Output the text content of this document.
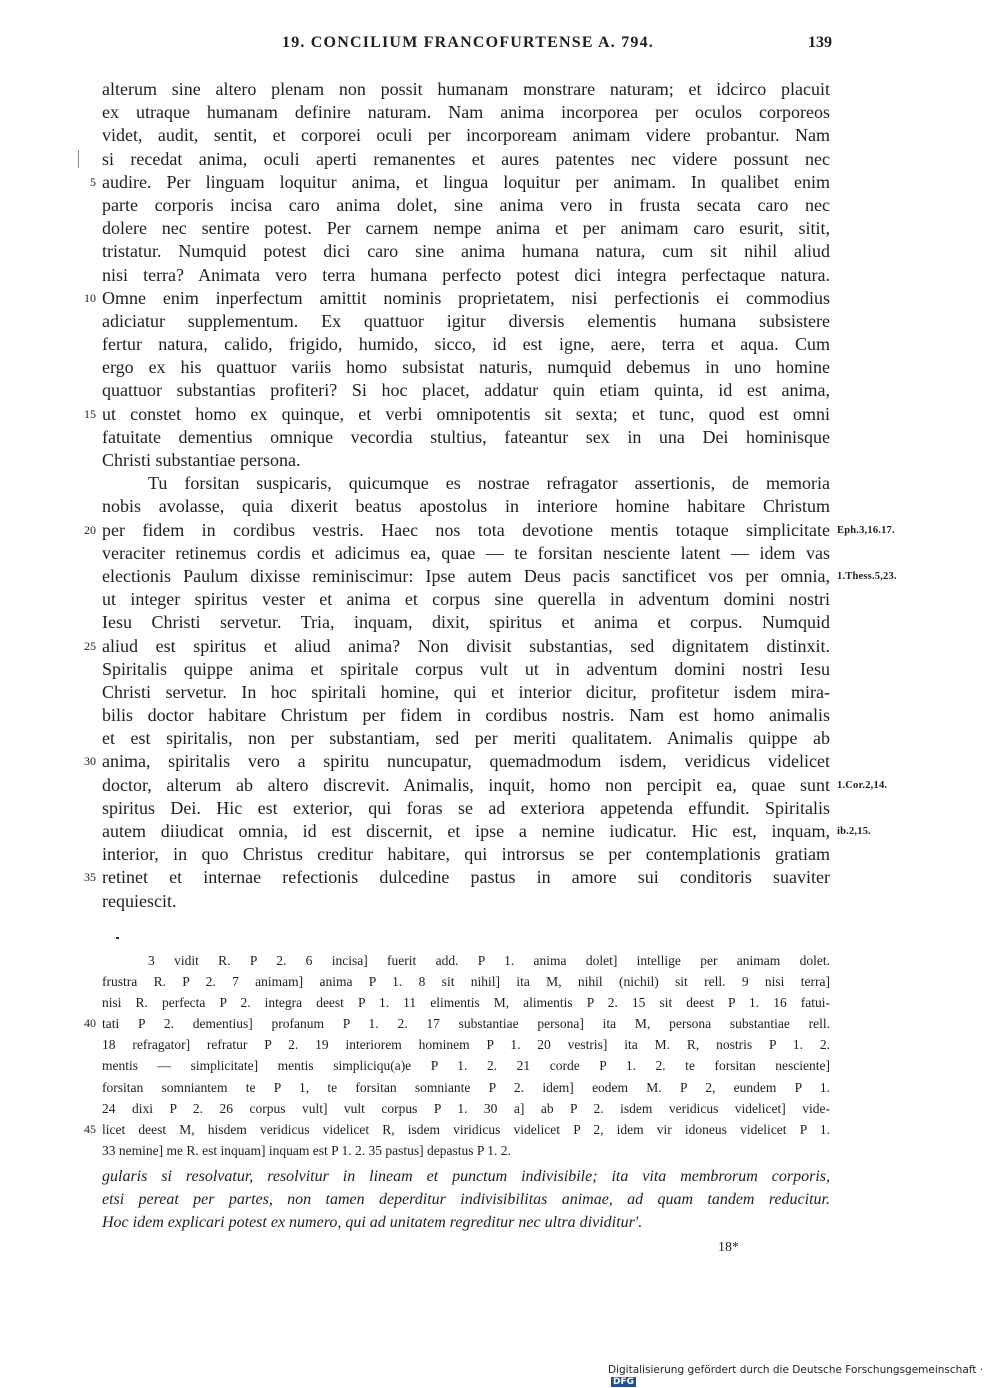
19. CONCILIUM FRANCOFURTENSE A. 794.	139
alterum sine altero plenam non possit humanam monstrare naturam; et idcirco placuit
ex utraque humanam definire naturam. Nam anima incorporea per oculos corporeos
videt, audit, sentit, et corporei oculi per incorpoream animam videre probantur. Nam
si recedat anima, oculi aperti remanentes et aures patentes nec videre possunt nec
5 audire. Per linguam loquitur anima, et lingua loquitur per animam. In qualibet enim
parte corporis incisa caro anima dolet, sine anima vero in frusta secata caro nec
dolere nec sentire potest. Per carnem nempe anima et per animam caro esurit, sitit,
tristatur. Numquid potest dici caro sine anima humana natura, cum sit nihil aliud
nisi terra? Animata vero terra humana perfecto potest dici integra perfectaque natura.
10 Omne enim inperfectum amittit nominis proprietatem, nisi perfectionis ei commodius
adiciatur supplementum. Ex quattuor igitur diversis elementis humana subsistere
fertur natura, calido, frigido, humido, sicco, id est igne, aere, terra et aqua. Cum
ergo ex his quattuor variis homo subsistat naturis, numquid debemus in uno homine
quattuor substantias profiteri? Si hoc placet, addatur quin etiam quinta, id est anima,
15 ut constet homo ex quinque, et verbi omnipotentis sit sexta; et tunc, quod est omni
fatuitate dementius omnique vecordia stultius, fateantur sex in una Dei hominisque
Christi substantiae persona.
Tu forsitan suspicaris, quicumque es nostrae refragator assertionis, de memoria
nobis avolasse, quia dixerit beatus apostolus in interiore homine habitare Christum
20 per fidem in cordibus vestris. Haec nos tota devotione mentis totaque simplicitate Eph.3,16.17.
veraciter retinemus cordis et adicimus ea, quae — te forsitan nesciente latent — idem vas
electionis Paulum dixisse reminiscimur: Ipse autem Deus pacis sanctificet vos per omnia, 1.Thess.5,23.
ut integer spiritus vester et anima et corpus sine querella in adventum domini nostri
Iesu Christi servetur. Tria, inquam, dixit, spiritus et anima et corpus. Numquid
25 aliud est spiritus et aliud anima? Non divisit substantias, sed dignitatem distinxit.
Spiritalis quippe anima et spiritale corpus vult ut in adventum domini nostri Iesu
Christi servetur. In hoc spiritali homine, qui et interior dicitur, profitetur isdem mira-
bilis doctor habitare Christum per fidem in cordibus nostris. Nam est homo animalis
et est spiritalis, non per substantiam, sed per meriti qualitatem. Animalis quippe ab
30 anima, spiritalis vero a spiritu nuncupatur, quemadmodum isdem, veridicus videlicet
doctor, alterum ab altero discrevit. Animalis, inquit, homo non percipit ea, quae sunt 1.Cor.2,14.
spiritus Dei. Hic est exterior, qui foras se ad exteriora appetenda effundit. Spiritalis
autem diiudicat omnia, id est discernit, et ipse a nemine iudicatur. Hic est, inquam, ib.2,15.
interior, in quo Christus creditur habitare, qui introrsus se per contemplationis gratiam
35 retinet et internae refectionis dulcedine pastus in amore sui conditoris suaviter
requiescit.
3 vidit R. P 2. 6 incisa] fuerit add. P 1. anima dolet] intellige per animam dolet.
frustra R. P 2. 7 animam] anima P 1. 8 sit nihil] ita M, nihil (nichil) sit rell. 9 nisi terra]
nisi R. perfecta P 2. integra deest P 1. 11 elimentis M, alimentis P 2. 15 sit deest P 1. 16 fatui-
40 tati P 2. dementius] profanum P 1. 2. 17 substantiae persona] ita M, persona substantiae rell.
18 refragator] refratur P 2. 19 interiorem hominem P 1. 20 vestris] ita M. R, nostris P 1. 2.
mentis — simplicitate] mentis simpliciqu(a)e P 1. 2. 21 corde P 1. 2. te forsitan nesciente]
forsitan somniantem te P 1, te forsitan somniante P 2. idem] eodem M. P 2, eundem P 1.
24 dixi P 2. 26 corpus vult] vult corpus P 1. 30 a] ab P 2. isdem veridicus videlicet] vide-
45 licet deest M, hisdem veridicus videlicet R, isdem viridicus videlicet P 2, idem vir idoneus videlicet P 1.
33 nemine] me R. est inquam] inquam est P 1. 2. 35 pastus] depastus P 1. 2.
gularis si resolvatur, resolvitur in lineam et punctum indivisibile; ita vita membrorum corporis,
etsi pereat per partes, non tamen deperditur indivisibilitas animae, ad quam tandem reducitur.
Hoc idem explicari potest ex numero, qui ad unitatem regreditur nec ultra dividitur'.
18*
Digitalisierung gefördert durch die Deutsche Forschungsgemeinschaft ·DFG
